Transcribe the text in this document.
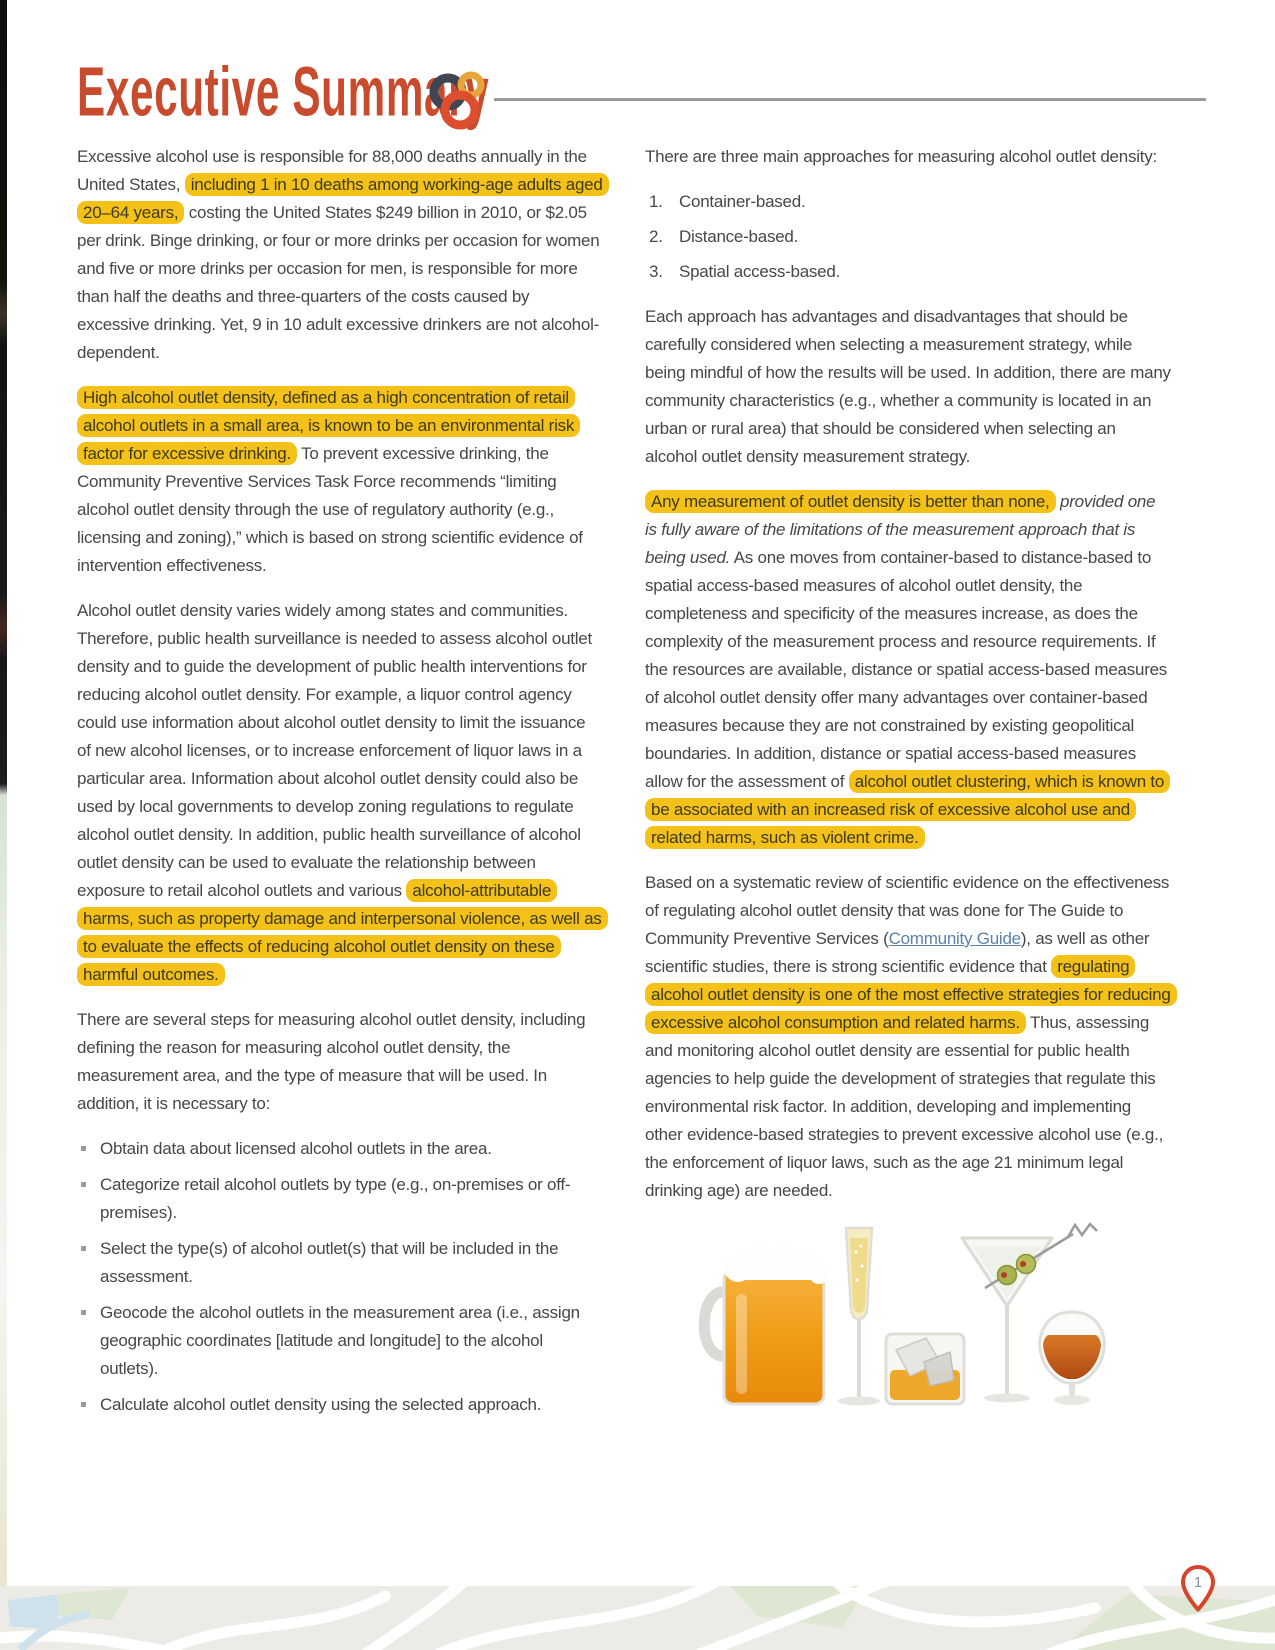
Executive Summary

Excessive alcohol use is responsible for 88,000 deaths annually in the United States, including 1 in 10 deaths among working-age adults aged 20–64 years, costing the United States $249 billion in 2010, or $2.05 per drink. Binge drinking, or four or more drinks per occasion for women and five or more drinks per occasion for men, is responsible for more than half the deaths and three-quarters of the costs caused by excessive drinking. Yet, 9 in 10 adult excessive drinkers are not alcohol-dependent.

High alcohol outlet density, defined as a high concentration of retail alcohol outlets in a small area, is known to be an environmental risk factor for excessive drinking. To prevent excessive drinking, the Community Preventive Services Task Force recommends “limiting alcohol outlet density through the use of regulatory authority (e.g., licensing and zoning),” which is based on strong scientific evidence of intervention effectiveness.

Alcohol outlet density varies widely among states and communities. Therefore, public health surveillance is needed to assess alcohol outlet density and to guide the development of public health interventions for reducing alcohol outlet density. For example, a liquor control agency could use information about alcohol outlet density to limit the issuance of new alcohol licenses, or to increase enforcement of liquor laws in a particular area. Information about alcohol outlet density could also be used by local governments to develop zoning regulations to regulate alcohol outlet density. In addition, public health surveillance of alcohol outlet density can be used to evaluate the relationship between exposure to retail alcohol outlets and various alcohol-attributable harms, such as property damage and interpersonal violence, as well as to evaluate the effects of reducing alcohol outlet density on these harmful outcomes.

There are several steps for measuring alcohol outlet density, including defining the reason for measuring alcohol outlet density, the measurement area, and the type of measure that will be used. In addition, it is necessary to:

Obtain data about licensed alcohol outlets in the area.
Categorize retail alcohol outlets by type (e.g., on-premises or off-premises).
Select the type(s) of alcohol outlet(s) that will be included in the assessment.
Geocode the alcohol outlets in the measurement area (i.e., assign geographic coordinates [latitude and longitude] to the alcohol outlets).
Calculate alcohol outlet density using the selected approach.

There are three main approaches for measuring alcohol outlet density:

Container-based.
Distance-based.
Spatial access-based.

Each approach has advantages and disadvantages that should be carefully considered when selecting a measurement strategy, while being mindful of how the results will be used. In addition, there are many community characteristics (e.g., whether a community is located in an urban or rural area) that should be considered when selecting an alcohol outlet density measurement strategy.

Any measurement of outlet density is better than none, provided one is fully aware of the limitations of the measurement approach that is being used. As one moves from container-based to distance-based to spatial access-based measures of alcohol outlet density, the completeness and specificity of the measures increase, as does the complexity of the measurement process and resource requirements. If the resources are available, distance or spatial access-based measures of alcohol outlet density offer many advantages over container-based measures because they are not constrained by existing geopolitical boundaries. In addition, distance or spatial access-based measures allow for the assessment of alcohol outlet clustering, which is known to be associated with an increased risk of excessive alcohol use and related harms, such as violent crime.

Based on a systematic review of scientific evidence on the effectiveness of regulating alcohol outlet density that was done for The Guide to Community Preventive Services (Community Guide), as well as other scientific studies, there is strong scientific evidence that regulating alcohol outlet density is one of the most effective strategies for reducing excessive alcohol consumption and related harms. Thus, assessing and monitoring alcohol outlet density are essential for public health agencies to help guide the development of strategies that regulate this environmental risk factor. In addition, developing and implementing other evidence-based strategies to prevent excessive alcohol use (e.g., the enforcement of liquor laws, such as the age 21 minimum legal drinking age) are needed.

1
